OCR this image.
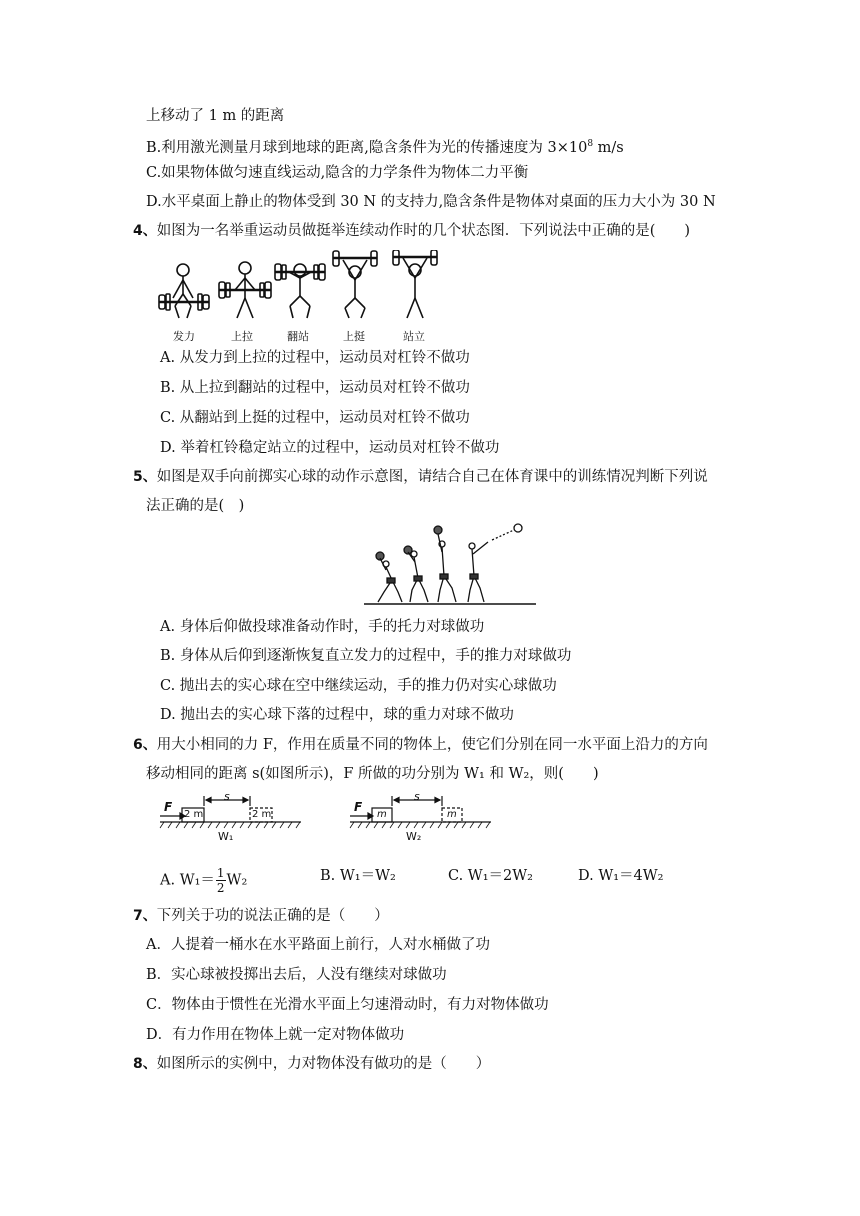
上移动了 1 m 的距离
B.利用激光测量月球到地球的距离,隐含条件为光的传播速度为 $3\times 10^8$ m/s
C.如果物体做匀速直线运动,隐含的力学条件为物体二力平衡
D.水平桌面上静止的物体受到 30 N 的支持力,隐含条件是物体对桌面的压力大小为 30 N
4、如图为一名举重运动员做挺举连续动作时的几个状态图．下列说法中正确的是(　　)
发力	上拉	翻站	上挺	站立
A. 从发力到上拉的过程中，运动员对杠铃不做功
B. 从上拉到翻站的过程中，运动员对杠铃不做功
C. 从翻站到上挺的过程中，运动员对杠铃不做功
D. 举着杠铃稳定站立的过程中，运动员对杠铃不做功
5、如图是双手向前掷实心球的动作示意图，请结合自己在体育课中的训练情况判断下列说
法正确的是(　)
A. 身体后仰做投球准备动作时，手的托力对球做功
B. 身体从后仰到逐渐恢复直立发力的过程中，手的推力对球做功
C. 抛出去的实心球在空中继续运动，手的推力仍对实心球做功
D. 抛出去的实心球下落的过程中，球的重力对球不做功
6、用大小相同的力 F，作用在质量不同的物体上，使它们分别在同一水平面上沿力的方向
移动相同的距离 s(如图所示)，F 所做的功分别为 W₁ 和 W₂，则(　　)
F
s
2 m	2 m
W₁
F
s
m	m
W₂
A. $W_1= \frac{1}{2} W_2$	B. W₁＝W₂	C. W₁＝2W₂	D. W₁＝4W₂
7、下列关于功的说法正确的是（　　）
A．人提着一桶水在水平路面上前行，人对水桶做了功
B．实心球被投掷出去后，人没有继续对球做功
C．物体由于惯性在光滑水平面上匀速滑动时，有力对物体做功
D．有力作用在物体上就一定对物体做功
8、如图所示的实例中，力对物体没有做功的是（　　）
